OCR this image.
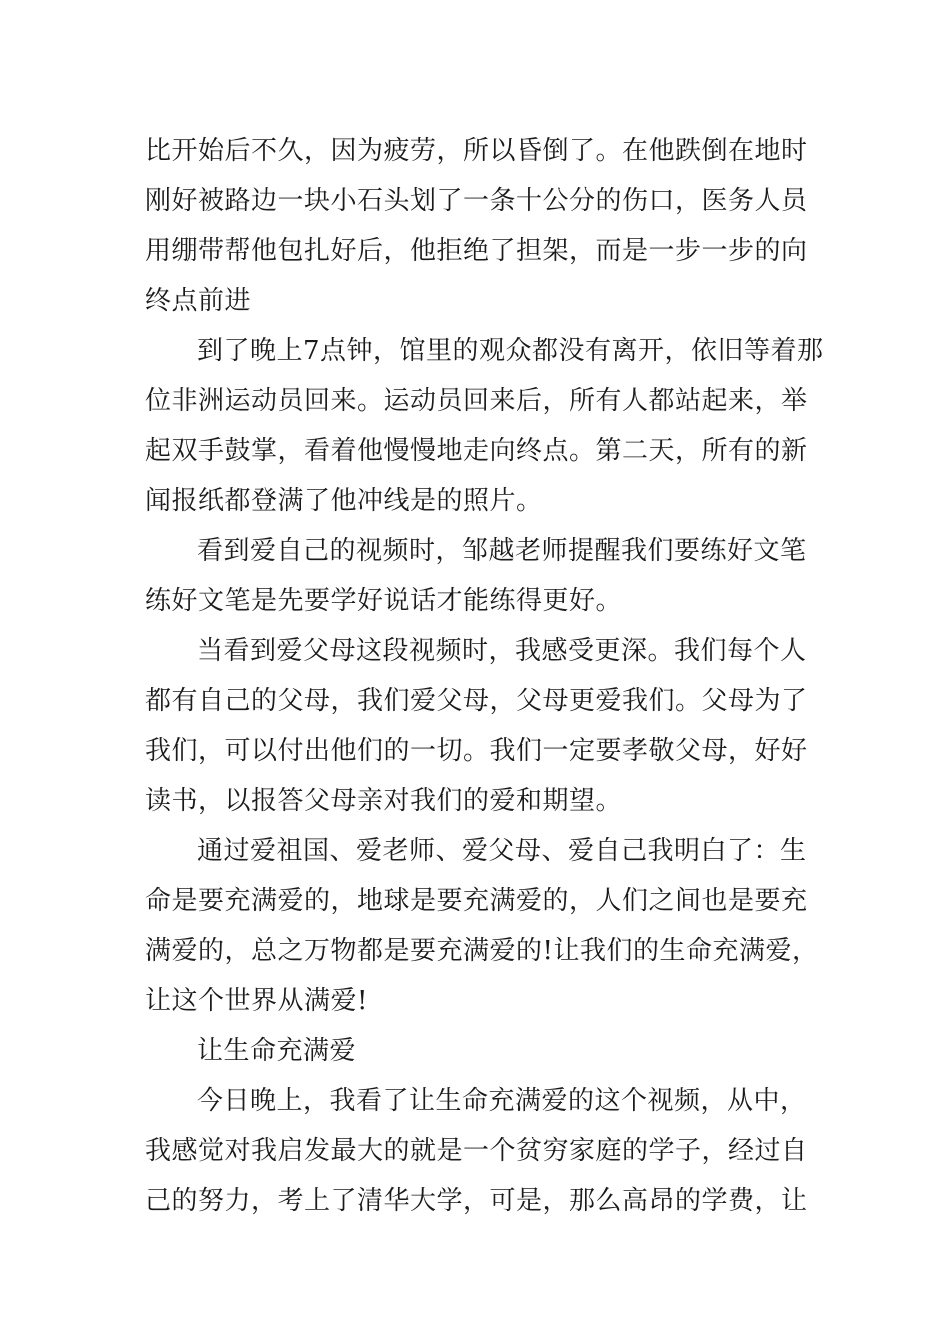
比开始后不久，因为疲劳，所以昏倒了。在他跌倒在地时
刚好被路边一块小石头划了一条十公分的伤口，医务人员
用绷带帮他包扎好后，他拒绝了担架，而是一步一步的向
终点前进
到了晚上7点钟，馆里的观众都没有离开，依旧等着那
位非洲运动员回来。运动员回来后，所有人都站起来，举
起双手鼓掌，看着他慢慢地走向终点。第二天，所有的新
闻报纸都登满了他冲线是的照片。
看到爱自己的视频时，邹越老师提醒我们要练好文笔
练好文笔是先要学好说话才能练得更好。
当看到爱父母这段视频时，我感受更深。我们每个人
都有自己的父母，我们爱父母，父母更爱我们。父母为了
我们，可以付出他们的一切。我们一定要孝敬父母，好好
读书，以报答父母亲对我们的爱和期望。
通过爱祖国、爱老师、爱父母、爱自己我明白了：生
命是要充满爱的，地球是要充满爱的，人们之间也是要充
满爱的，总之万物都是要充满爱的!让我们的生命充满爱，
让这个世界从满爱!
让生命充满爱
今日晚上，我看了让生命充满爱的这个视频，从中，
我感觉对我启发最大的就是一个贫穷家庭的学子，经过自
己的努力，考上了清华大学，可是，那么高昂的学费，让
